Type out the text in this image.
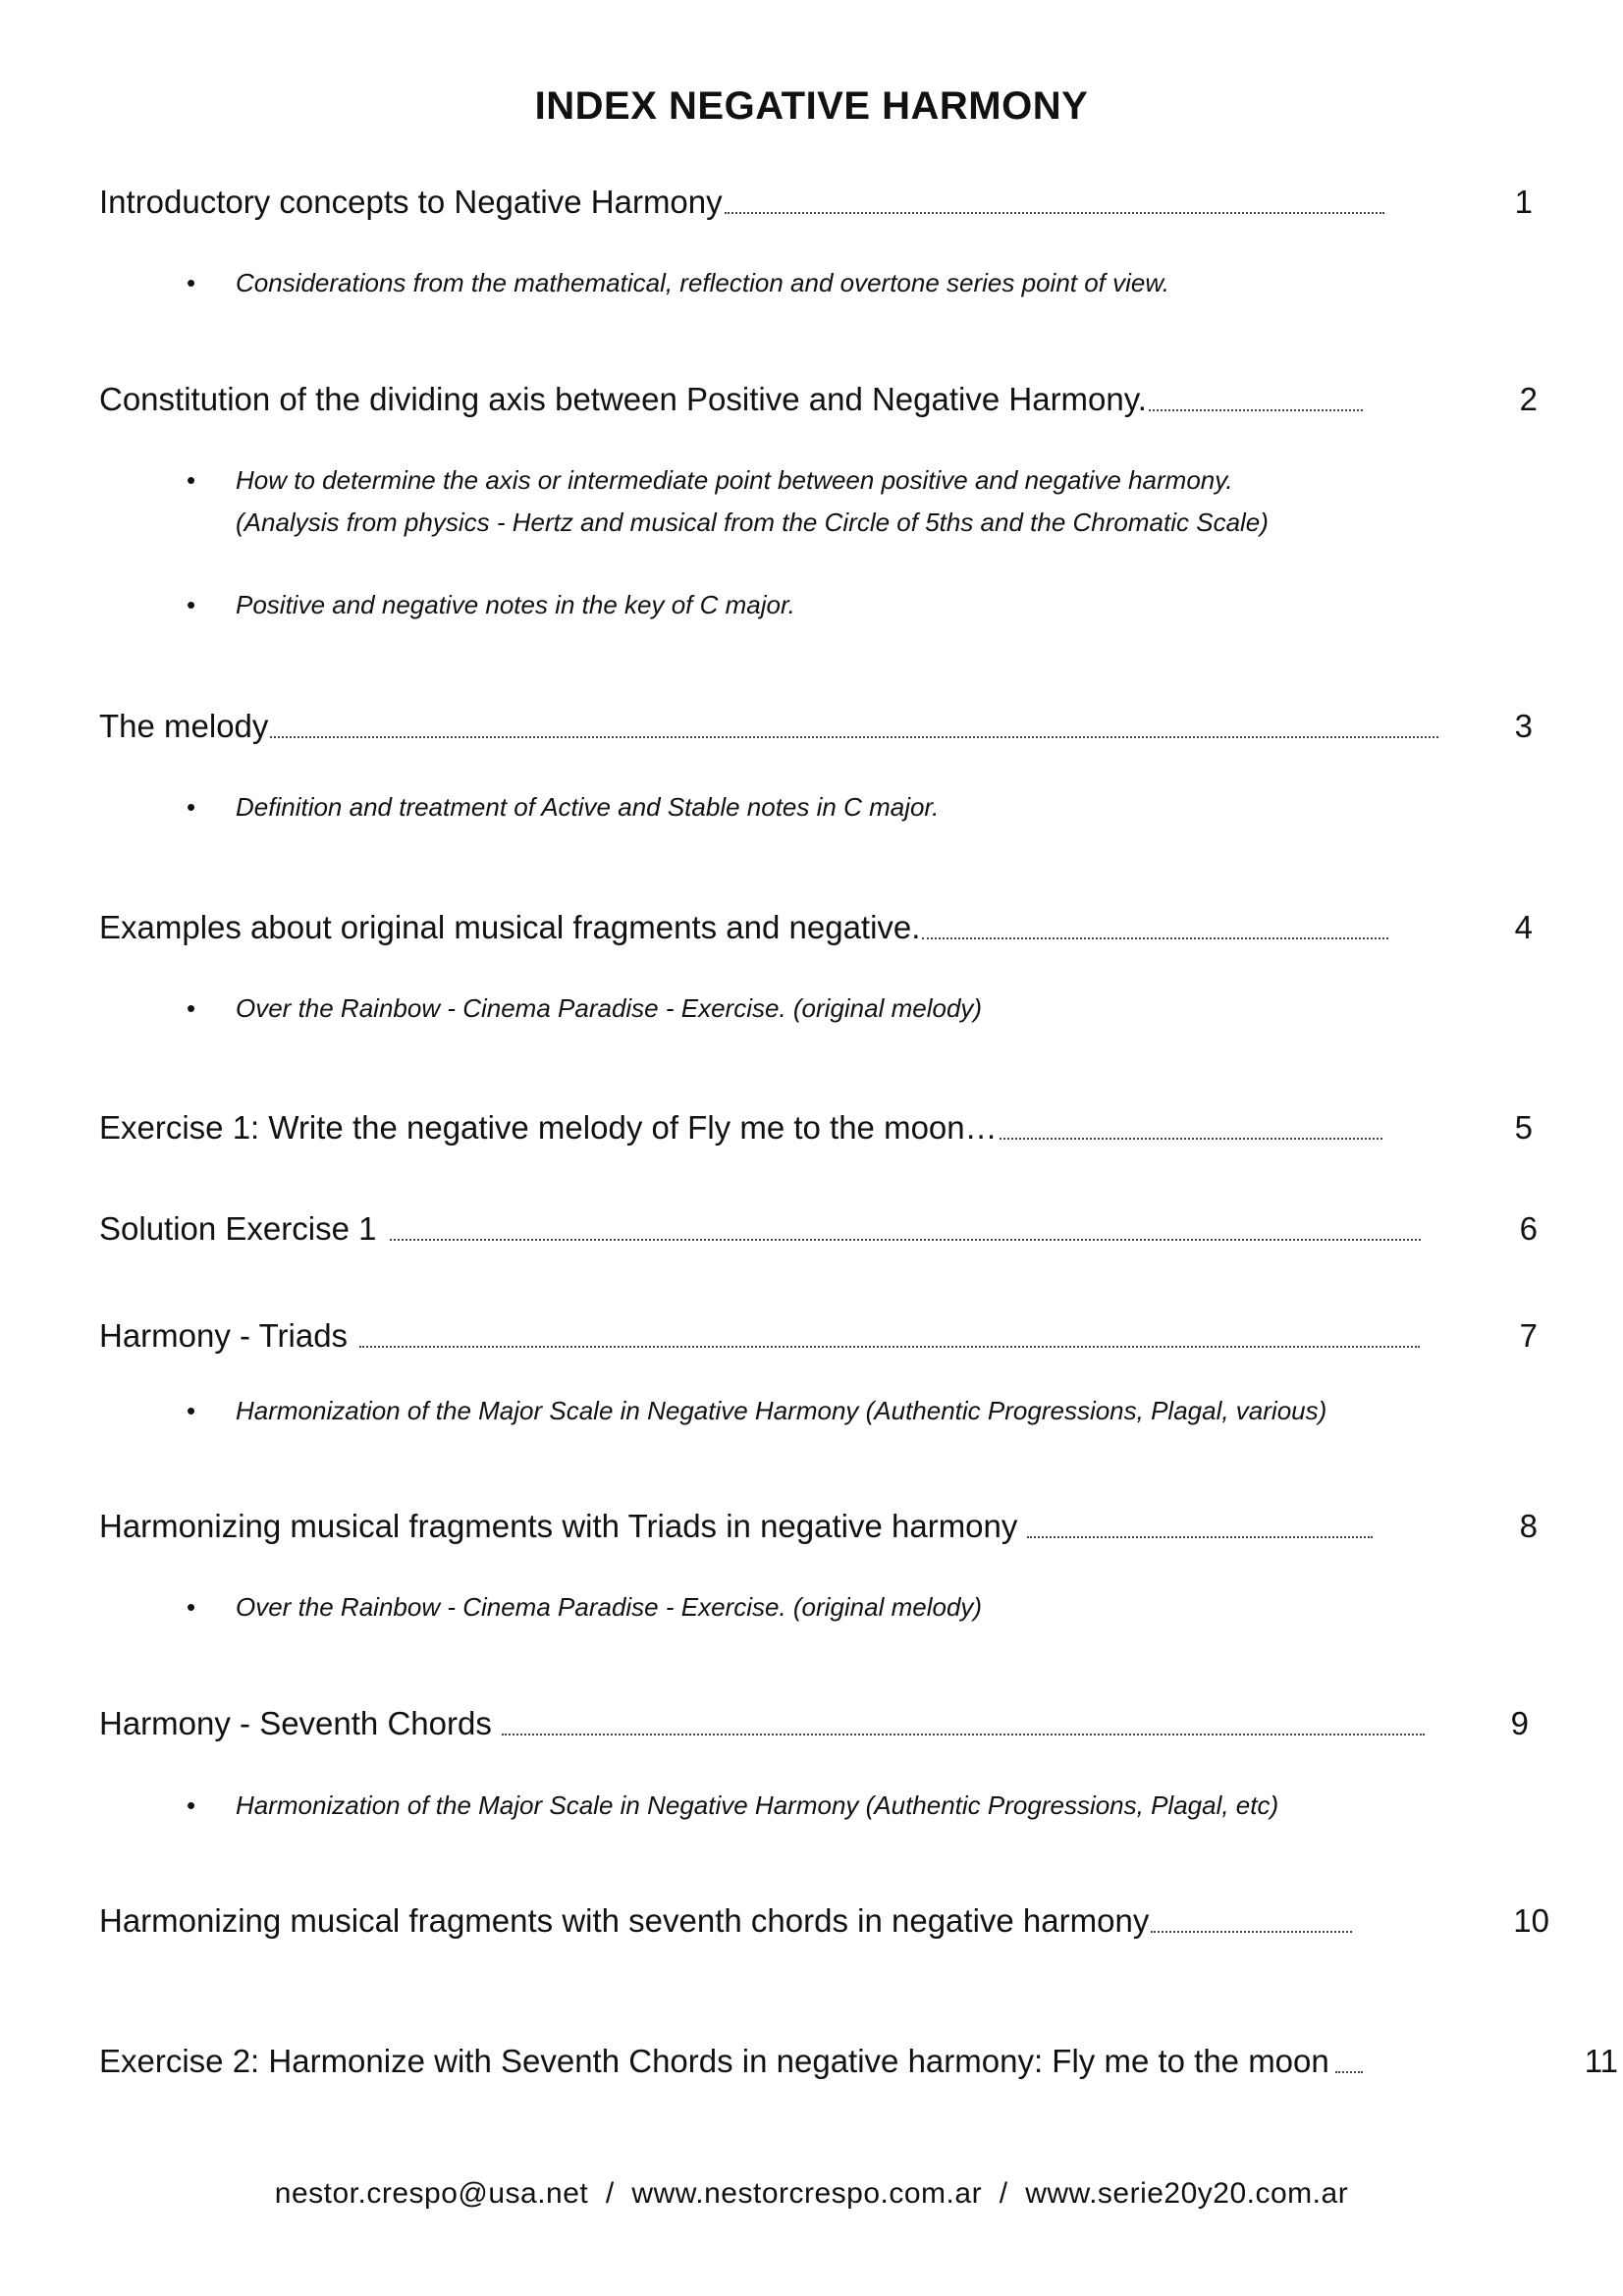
INDEX NEGATIVE HARMONY
Introductory concepts to Negative Harmony	1
Constitution of the dividing axis between Positive and Negative Harmony.	2
The melody	3
Examples about original musical fragments and negative.	4
Exercise 1: Write the negative melody of Fly me to the moon…	5
Solution Exercise 1	6
Harmony - Triads	7
Harmonizing musical fragments with Triads in negative harmony	8
Harmony - Seventh Chords	9
Harmonizing musical fragments with seventh chords in negative harmony	10
Exercise 2: Harmonize with Seventh Chords in negative harmony: Fly me to the moon	11
•	Considerations from the mathematical, reflection and overtone series point of view.
•	How to determine the axis or intermediate point between positive and negative harmony.
(Analysis from physics - Hertz and musical from the Circle of 5ths and the Chromatic Scale)
•	Positive and negative notes in the key of C major.
•	Definition and treatment of Active and Stable notes in C major.
•	Over the Rainbow - Cinema Paradise - Exercise. (original melody)
•	Harmonization of the Major Scale in Negative Harmony (Authentic Progressions, Plagal, various)
•	Over the Rainbow - Cinema Paradise - Exercise. (original melody)
•	Harmonization of the Major Scale in Negative Harmony (Authentic Progressions, Plagal, etc)
nestor.crespo@usa.net  /  www.nestorcrespo.com.ar  /  www.serie20y20.com.ar
